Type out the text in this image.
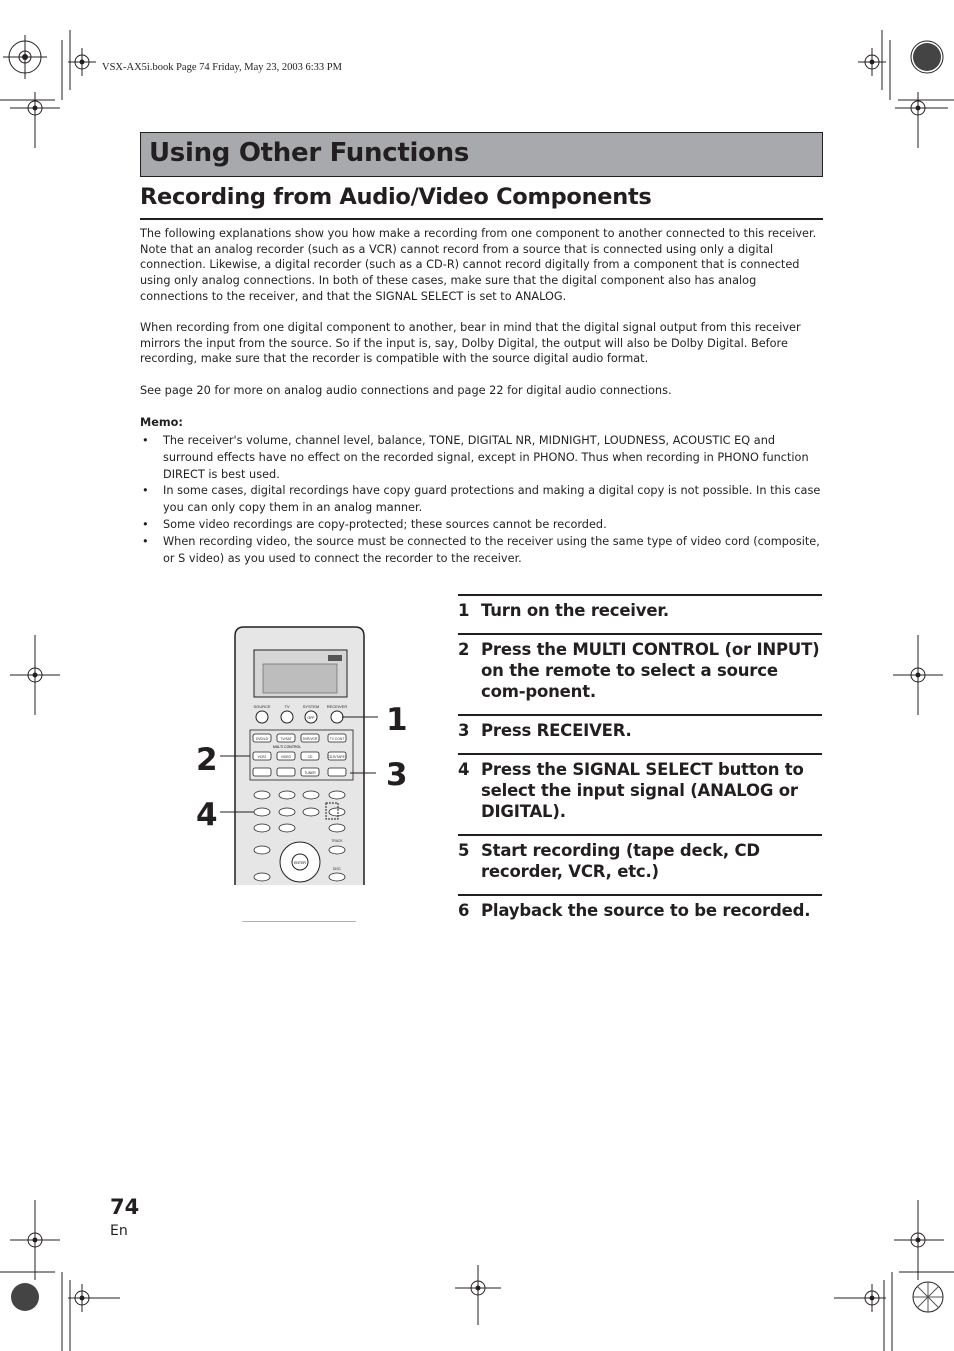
VSX-AX5i.book Page 74 Friday, May 23, 2003 6:33 PM
Using Other Functions
Recording from Audio/Video Components

The following explanations show you how make a recording from one component to another connected to this receiver. Note that an analog recorder (such as a VCR) cannot record from a source that is connected using only a digital connection. Likewise, a digital recorder (such as a CD-R) cannot record digitally from a component that is connected using only analog connections. In both of these cases, make sure that the digital component also has analog connections to the receiver, and that the SIGNAL SELECT is set to ANALOG.

When recording from one digital component to another, bear in mind that the digital signal output from this receiver mirrors the input from the source. So if the input is, say, Dolby Digital, the output will also be Dolby Digital. Before recording, make sure that the recorder is compatible with the source digital audio format.

See page 20 for more on analog audio connections and page 22 for digital audio connections.

Memo:
• The receiver's volume, channel level, balance, TONE, DIGITAL NR, MIDNIGHT, LOUDNESS, ACOUSTIC EQ and surround effects have no effect on the recorded signal, except in PHONO. Thus when recording in PHONO function DIRECT is best used.
• In some cases, digital recordings have copy guard protections and making a digital copy is not possible. In this case you can only copy them in an analog manner.
• Some video recordings are copy-protected; these sources cannot be recorded.
• When recording video, the source must be connected to the receiver using the same type of video cord (composite, or S video) as you used to connect the recorder to the receiver.
SOURCE	TV	SYSTEM RECEIVER
OFF
MULTI CONTROL
DVD/LD	TV/SAT	DVR/VCR	TV CONT
VCR2	VIDEO	CD	CD-R/TAPE1
TUNER
ENTER
TRACK
DISC
1
2	3
4
1 Turn on the receiver.
2 Press the MULTI CONTROL (or INPUT) on the remote to select a source com-ponent.
3 Press RECEIVER.
4 Press the SIGNAL SELECT button to select the input signal (ANALOG or DIGITAL).
5 Start recording (tape deck, CD recorder, VCR, etc.)
6 Playback the source to be recorded.
74
En
